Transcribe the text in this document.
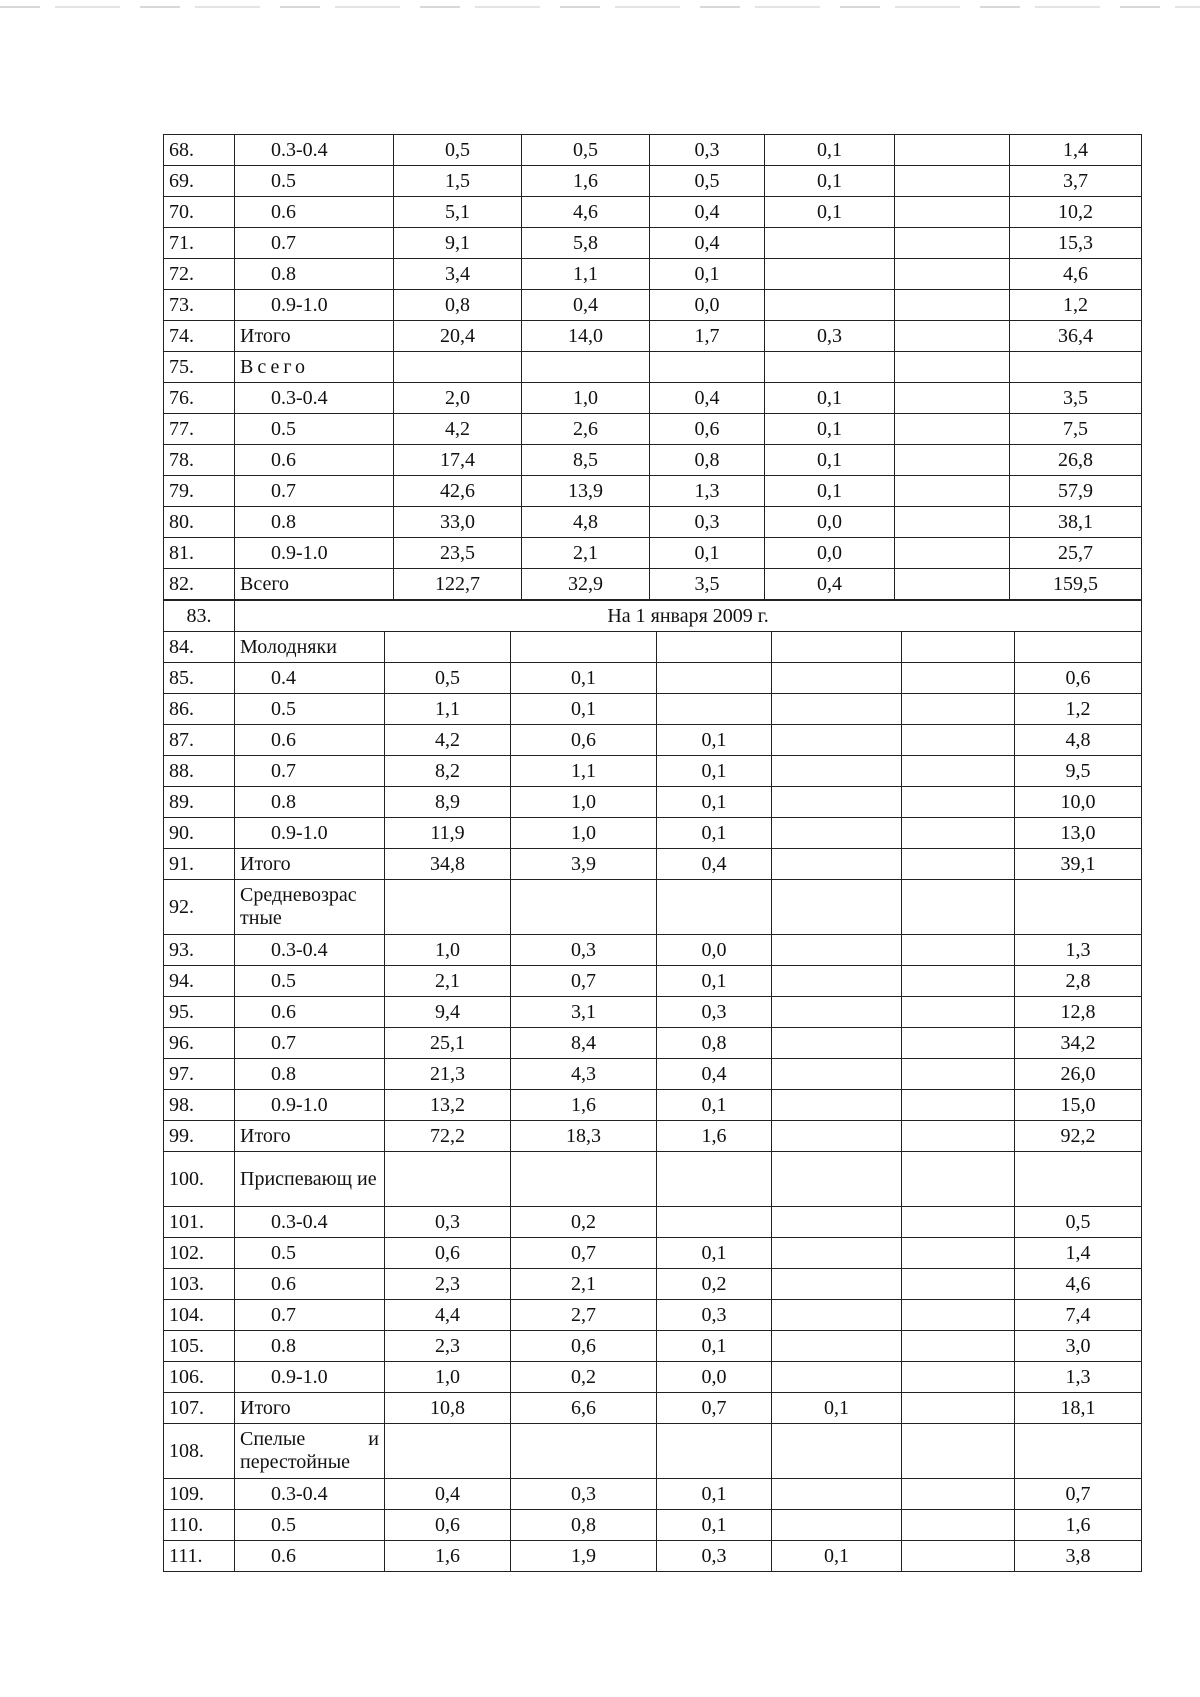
68.	0.3-0.4	0,5	0,5	0,3	0,1		1,4
69.	0.5	1,5	1,6	0,5	0,1		3,7
70.	0.6	5,1	4,6	0,4	0,1		10,2
71.	0.7	9,1	5,8	0,4			15,3
72.	0.8	3,4	1,1	0,1			4,6
73.	0.9-1.0	0,8	0,4	0,0			1,2
74.	Итого	20,4	14,0	1,7	0,3		36,4
75.	Всего						
76.	0.3-0.4	2,0	1,0	0,4	0,1		3,5
77.	0.5	4,2	2,6	0,6	0,1		7,5
78.	0.6	17,4	8,5	0,8	0,1		26,8
79.	0.7	42,6	13,9	1,3	0,1		57,9
80.	0.8	33,0	4,8	0,3	0,0		38,1
81.	0.9-1.0	23,5	2,1	0,1	0,0		25,7
82.	Всего	122,7	32,9	3,5	0,4		159,5
83.	На 1 января 2009 г.						
84.	Молодняки						
85.	0.4	0,5	0,1				0,6
86.	0.5	1,1	0,1				1,2
87.	0.6	4,2	0,6	0,1			4,8
88.	0.7	8,2	1,1	0,1			9,5
89.	0.8	8,9	1,0	0,1			10,0
90.	0.9-1.0	11,9	1,0	0,1			13,0
91.	Итого	34,8	3,9	0,4			39,1
92.	Средневозрас тные						
93.	0.3-0.4	1,0	0,3	0,0			1,3
94.	0.5	2,1	0,7	0,1			2,8
95.	0.6	9,4	3,1	0,3			12,8
96.	0.7	25,1	8,4	0,8			34,2
97.	0.8	21,3	4,3	0,4			26,0
98.	0.9-1.0	13,2	1,6	0,1			15,0
99.	Итого	72,2	18,3	1,6			92,2
100.	Приспевающ ие						
101.	0.3-0.4	0,3	0,2				0,5
102.	0.5	0,6	0,7	0,1			1,4
103.	0.6	2,3	2,1	0,2			4,6
104.	0.7	4,4	2,7	0,3			7,4
105.	0.8	2,3	0,6	0,1			3,0
106.	0.9-1.0	1,0	0,2	0,0			1,3
107.	Итого	10,8	6,6	0,7	0,1		18,1
108.	Спелые и перестойные						
109.	0.3-0.4	0,4	0,3	0,1			0,7
110.	0.5	0,6	0,8	0,1			1,6
111.	0.6	1,6	1,9	0,3	0,1		3,8
